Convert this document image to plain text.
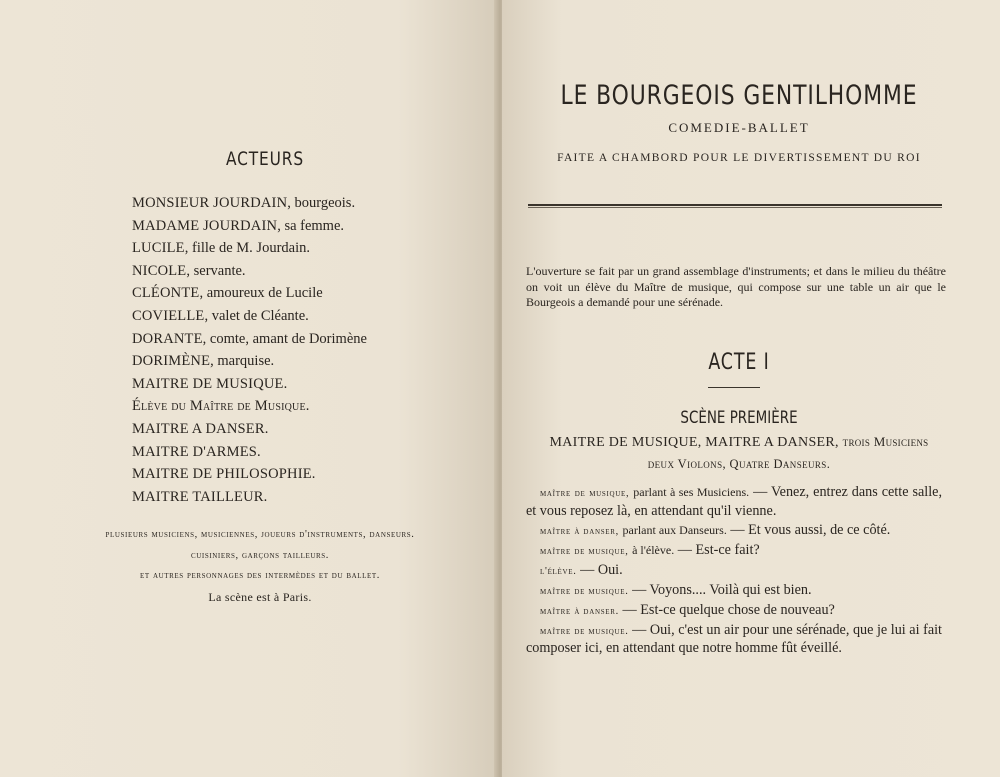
ACTEURS
MONSIEUR JOURDAIN, bourgeois.
MADAME JOURDAIN, sa femme.
LUCILE, fille de M. Jourdain.
NICOLE, servante.
CLÉONTE, amoureux de Lucile
COVIELLE, valet de Cléante.
DORANTE, comte, amant de Dorimène
DORIMÈNE, marquise.
MAITRE DE MUSIQUE.
Élève du Maître de Musique.
MAITRE A DANSER.
MAITRE D'ARMES.
MAITRE DE PHILOSOPHIE.
MAITRE TAILLEUR.
plusieurs musiciens, musiciennes, joueurs d'instruments, danseurs.
cuisiniers, garçons tailleurs.
et autres personnages des intermèdes et du ballet.
La scène est à Paris.
LE BOURGEOIS GENTILHOMME
COMEDIE-BALLET
FAITE A CHAMBORD POUR LE DIVERTISSEMENT DU ROI
L'ouverture se fait par un grand assemblage d'instruments; et dans le milieu du théâtre on voit un élève du Maître de musique, qui compose sur une table un air que le Bourgeois a demandé pour une sérénade.
ACTE I
SCÈNE PREMIÈRE
MAITRE DE MUSIQUE, MAITRE A DANSER, trois Musiciens
deux Violons, Quatre Danseurs.

maître de musique, parlant à ses Musiciens. — Venez, entrez dans cette salle, et vous reposez là, en attendant qu'il vienne.

maître à danser, parlant aux Danseurs. — Et vous aussi, de ce côté.

maître de musique, à l'élève. — Est-ce fait?

l'élève. — Oui.

maître de musique. — Voyons.... Voilà qui est bien.

maître à danser. — Est-ce quelque chose de nouveau?

maître de musique. — Oui, c'est un air pour une sérénade, que je lui ai fait composer ici, en attendant que notre homme fût éveillé.
